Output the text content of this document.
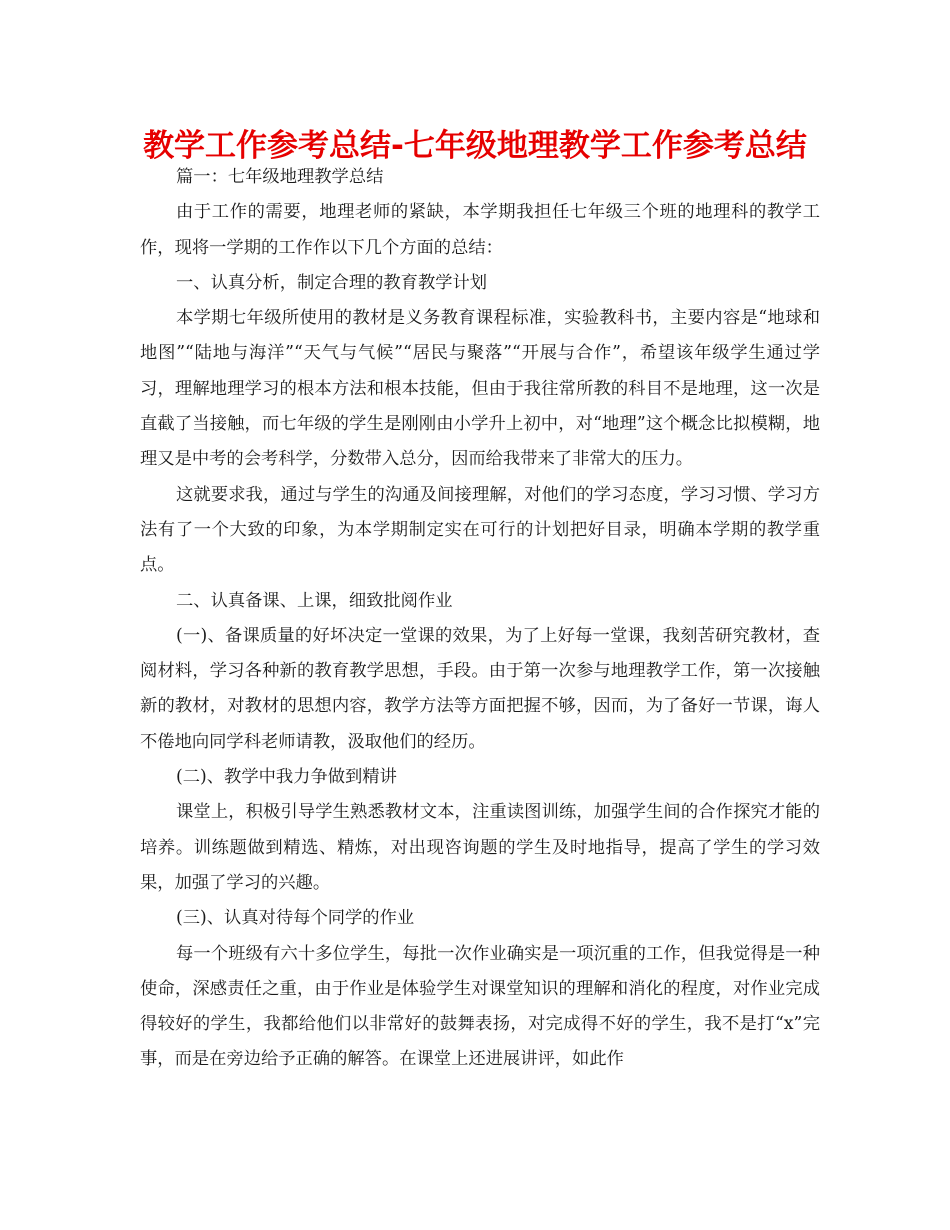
教学工作参考总结-七年级地理教学工作参考总结

篇一：七年级地理教学总结

由于工作的需要，地理老师的紧缺，本学期我担任七年级三个班的地理科的教学工作，现将一学期的工作作以下几个方面的总结：

一、认真分析，制定合理的教育教学计划

本学期七年级所使用的教材是义务教育课程标准，实验教科书，主要内容是“地球和地图”“陆地与海洋”“天气与气候”“居民与聚落”“开展与合作”，希望该年级学生通过学习，理解地理学习的根本方法和根本技能，但由于我往常所教的科目不是地理，这一次是直截了当接触，而七年级的学生是刚刚由小学升上初中，对“地理”这个概念比拟模糊，地理又是中考的会考科学，分数带入总分，因而给我带来了非常大的压力。

这就要求我，通过与学生的沟通及间接理解，对他们的学习态度，学习习惯、学习方法有了一个大致的印象，为本学期制定实在可行的计划把好目录，明确本学期的教学重点。

二、认真备课、上课，细致批阅作业

(一)、备课质量的好坏决定一堂课的效果，为了上好每一堂课，我刻苦研究教材，查阅材料，学习各种新的教育教学思想，手段。由于第一次参与地理教学工作，第一次接触新的教材，对教材的思想内容，教学方法等方面把握不够，因而，为了备好一节课，诲人不倦地向同学科老师请教，汲取他们的经历。

(二)、教学中我力争做到精讲

课堂上，积极引导学生熟悉教材文本，注重读图训练，加强学生间的合作探究才能的培养。训练题做到精选、精炼，对出现咨询题的学生及时地指导，提高了学生的学习效果，加强了学习的兴趣。

(三)、认真对待每个同学的作业

每一个班级有六十多位学生，每批一次作业确实是一项沉重的工作，但我觉得是一种使命，深感责任之重，由于作业是体验学生对课堂知识的理解和消化的程度，对作业完成得较好的学生，我都给他们以非常好的鼓舞表扬，对完成得不好的学生，我不是打“x”完事，而是在旁边给予正确的解答。在课堂上还进展讲评，如此作
